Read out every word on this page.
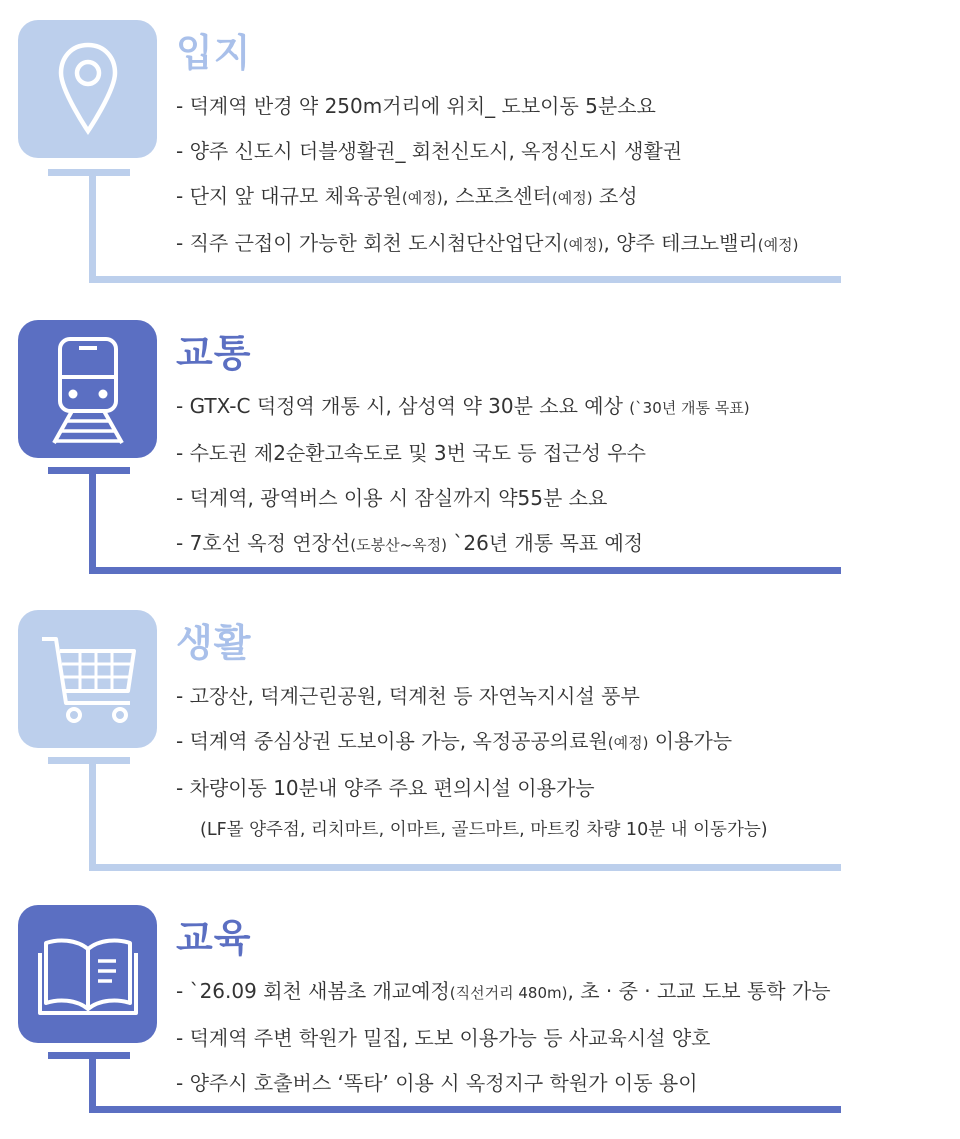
입지
- 덕계역 반경 약 250m거리에 위치_ 도보이동 5분소요
- 양주 신도시 더블생활권_ 회천신도시, 옥정신도시 생활권
- 단지 앞 대규모 체육공원(예정), 스포츠센터(예정) 조성
- 직주 근접이 가능한 회천 도시첨단산업단지(예정), 양주 테크노밸리(예정)
교통
- GTX-C 덕정역 개통 시, 삼성역 약 30분 소요 예상 (`30년 개통 목표)
- 수도권 제2순환고속도로 및 3번 국도 등 접근성 우수
- 덕계역, 광역버스 이용 시 잠실까지 약55분 소요
- 7호선 옥정 연장선(도봉산~옥정) `26년 개통 목표 예정
생활
- 고장산, 덕계근린공원, 덕계천 등 자연녹지시설 풍부
- 덕계역 중심상권 도보이용 가능, 옥정공공의료원(예정) 이용가능
- 차량이동 10분내 양주 주요 편의시설 이용가능
(LF몰 양주점, 리치마트, 이마트, 골드마트, 마트킹 차량 10분 내 이동가능)
교육
- `26.09 회천 새봄초 개교예정(직선거리 480m), 초 · 중 · 고교 도보 통학 가능
- 덕계역 주변 학원가 밀집, 도보 이용가능 등 사교육시설 양호
- 양주시 호출버스 ‘똑타’ 이용 시 옥정지구 학원가 이동 용이
